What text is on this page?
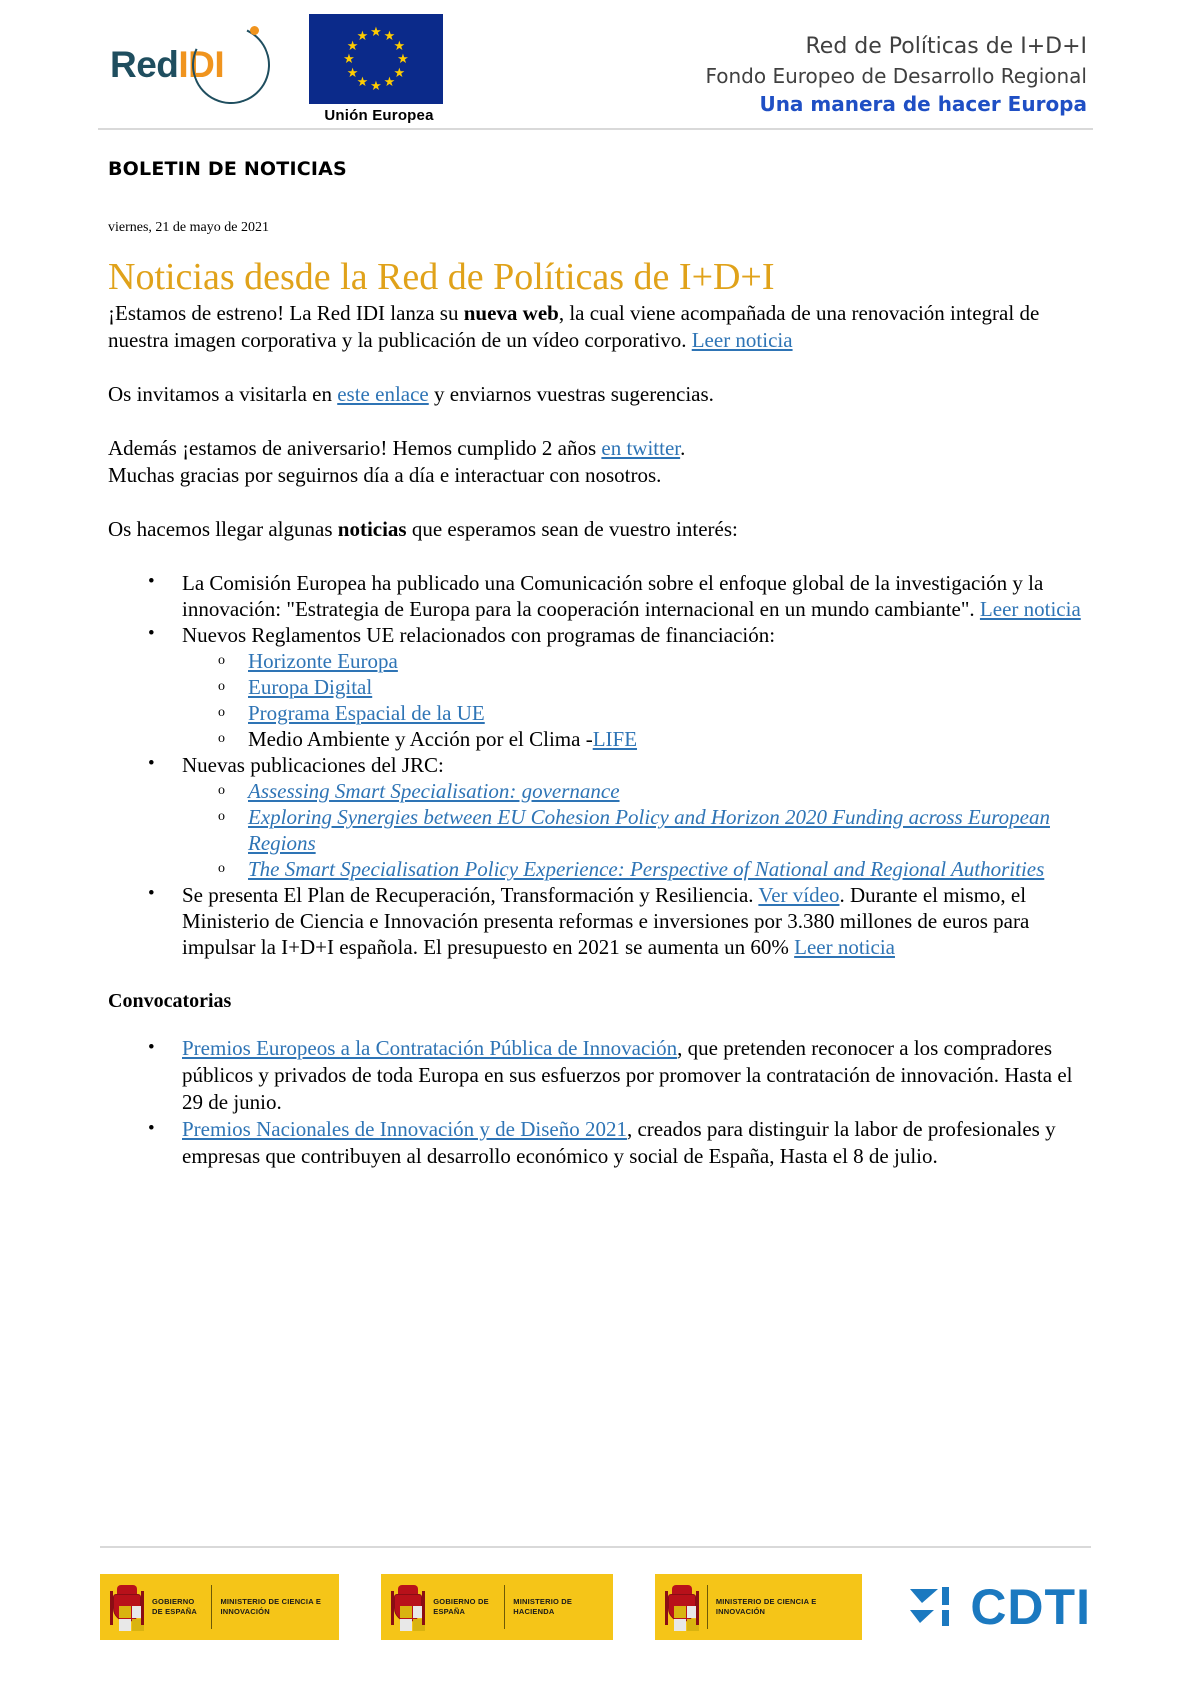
RedIDI
★ ★
★
★
★
★
★
★
★
★
★
★
Unión Europea
Red de Políticas de I+D+I
Fondo Europeo de Desarrollo Regional
Una manera de hacer Europa
BOLETIN DE NOTICIAS
viernes, 21 de mayo de 2021
Noticias desde la Red de Políticas de I+D+I

¡Estamos de estreno! La Red IDI lanza su nueva web, la cual viene acompañada de una renovación integral de nuestra imagen corporativa y la publicación de un vídeo corporativo. Leer noticia

Os invitamos a visitarla en este enlace y enviarnos vuestras sugerencias.

Además ¡estamos de aniversario! Hemos cumplido 2 años en twitter.

Muchas gracias por seguirnos día a día e interactuar con nosotros.

Os hacemos llegar algunas noticias que esperamos sean de vuestro interés:

• La Comisión Europea ha publicado una Comunicación sobre el enfoque global de la investigación y la innovación: "Estrategia de Europa para la cooperación internacional en un mundo cambiante". Leer noticia
• Nuevos Reglamentos UE relacionados con programas de financiación:
o Horizonte Europa
o Europa Digital
o Programa Espacial de la UE
o Medio Ambiente y Acción por el Clima -LIFE
• Nuevas publicaciones del JRC:
o Assessing Smart Specialisation: governance
o Exploring Synergies between EU Cohesion Policy and Horizon 2020 Funding across European Regions
o The Smart Specialisation Policy Experience: Perspective of National and Regional Authorities
• Se presenta El Plan de Recuperación, Transformación y Resiliencia. Ver vídeo. Durante el mismo, el Ministerio de Ciencia e Innovación presenta reformas e inversiones por 3.380 millones de euros para impulsar la I+D+I española. El presupuesto en 2021 se aumenta un 60% Leer noticia
Convocatorias
• Premios Europeos a la Contratación Pública de Innovación, que pretenden reconocer a los compradores públicos y privados de toda Europa en sus esfuerzos por promover la contratación de innovación. Hasta el 29 de junio.
• Premios Nacionales de Innovación y de Diseño 2021, creados para distinguir la labor de profesionales y empresas que contribuyen al desarrollo económico y social de España, Hasta el 8 de julio.
GOBIERNO DE ESPAÑA
MINISTERIO DE CIENCIA E INNOVACIÓN
GOBIERNO DE ESPAÑA
MINISTERIO DE HACIENDA
MINISTERIO DE CIENCIA E INNOVACIÓN	CDTI
